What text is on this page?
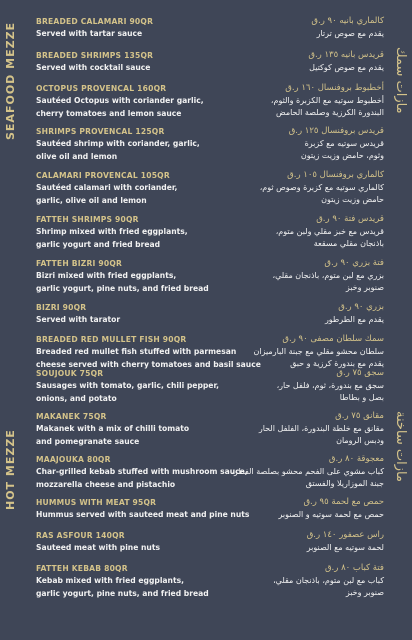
SEAFOOD MEZZE	مازات سمك
BREADED CALAMARI 90QR
Served with tartar sauce
كالماري بانيه ٩٠ ر.ق
يقدم مع صوص ترتار
BREADED SHRIMPS 135QR
Served with cocktail sauce
قريدس بانيه ١٣٥ ر.ق
يقدم مع صوص كوكتيل
OCTOPUS PROVENCAL 160QR
Sautéed Octopus with coriander garlic,
cherry tomatoes and lemon sauce
أخطبوط بروفنسال ١٦٠ ر.ق
أخطبوط سوتيه مع الكزبرة والثوم،
البندورة الكرزية وصلصة الحامض
SHRIMPS PROVENCAL 125QR
Sautéed shrimp with coriander, garlic,
olive oil and lemon
قريدس بروفنسال ١٢٥ ر.ق
قريدس سوتيه مع كزبرة
وثوم، حامض وزيت زيتون
CALAMARI PROVENCAL 105QR
Sautéed calamari with coriander,
garlic, olive oil and lemon
كالماري بروفنسال ١٠٥ ر.ق
كالماري سوتيه مع كزبرة وصوص ثوم،
حامض وزيت زيتون
FATTEH SHRIMPS 90QR
Shrimp mixed with fried eggplants,
garlic yogurt and fried bread
قريدس فتة ٩٠ ر.ق
قريدس مع خبز مقلي ولبن متوم،
باذنجان مقلي مسقعة
FATTEH BIZRI 90QR
Bizri mixed with fried eggplants,
garlic yogurt, pine nuts, and fried bread
فتة بزري ٩٠ ر.ق
بزري مع لبن متوم، باذنجان مقلي،
صنوبر وخبز
BIZRI 90QR
Served with tarator
بزري ٩٠ ر.ق
يقدم مع الطرطور
BREADED RED MULLET FISH 90QR
Breaded red mullet fish stuffed with parmesan
cheese served with cherry tomatoes and basil sauce
سمك سلطان مصفى ٩٠ ر.ق
سلطان محشو مقلي مع جبنة البارميزان
يقدم مع بندورة كرزية و حبق
HOT MEZZE	مازات ساخنة
SOUJOUK 75QR
Sausages with tomato, garlic, chili pepper,
onions, and potato
سجق ٧٥ ر.ق
سجق مع بندورة، ثوم، فلفل حار،
بصل و بطاطا
MAKANEK 75QR
Makanek with a mix of chilli tomato
and pomegranate sauce
مقانق ٧٥ ر.ق
مقانق مع خلطة البندورة، الفلفل الحار
ودبس الرومان
MAAJOUKA 80QR
Char-grilled kebab stuffed with mushroom sauce,
mozzarella cheese and pistachio
معجوقة ٨٠ ر.ق
كباب مشوي على الفحم محشو بصلصة الفطر،
جبنة الموزاريلا والفستق
HUMMUS WITH MEAT 95QR
Hummus served with sauteed meat and pine nuts
حمص مع لحمة ٩٥ ر.ق
حمص مع لحمة سوتيه و الصنوبر
RAS ASFOUR 140QR
Sauteed meat with pine nuts
راس عصفور ١٤٠ ر.ق
لحمة سوتيه مع الصنوبر
FATTEH KEBAB 80QR
Kebab mixed with fried eggplants,
garlic yogurt, pine nuts, and fried bread
فتة كباب ٨٠ ر.ق
كباب مع لبن متوم، باذنجان مقلي،
صنوبر وخبز
